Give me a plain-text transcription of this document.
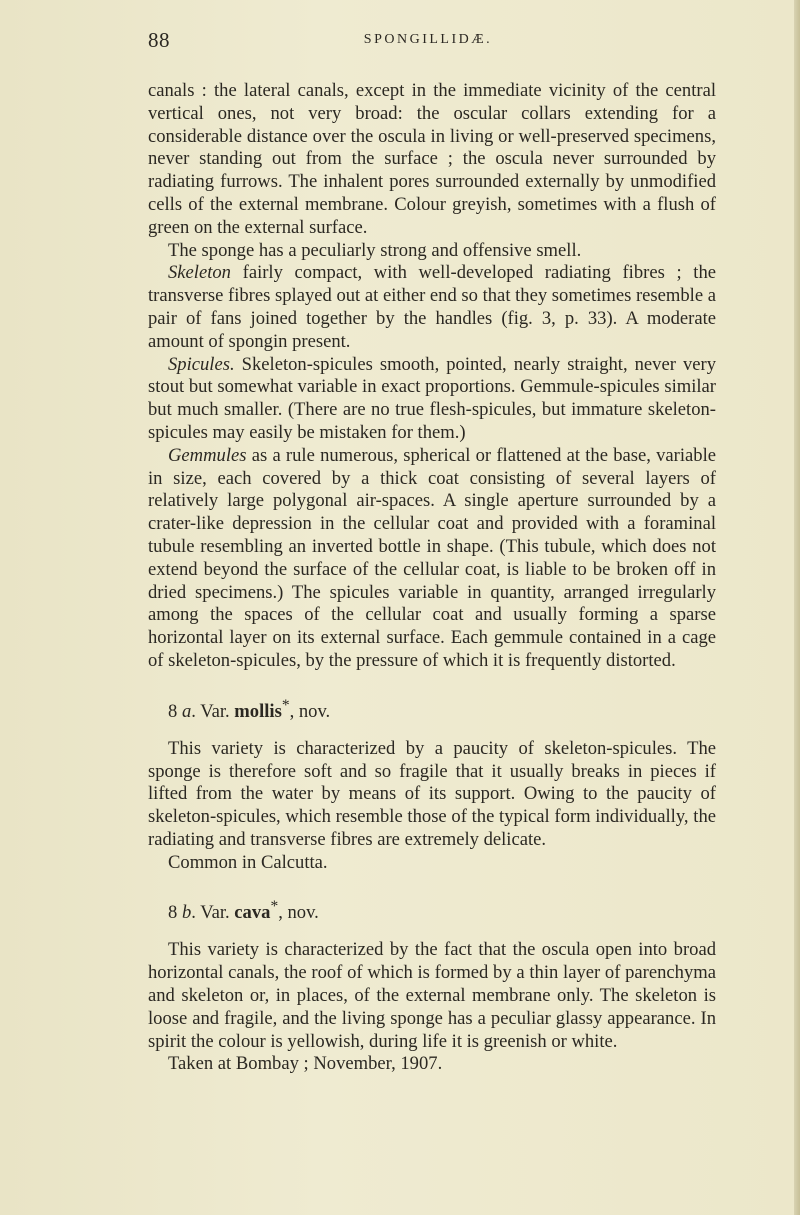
88	SPONGILLIDÆ.

canals : the lateral canals, except in the immediate vicinity of the central vertical ones, not very broad: the oscular collars extending for a considerable distance over the oscula in living or well-preserved specimens, never standing out from the surface ; the oscula never surrounded by radiating furrows. The inhalent pores surrounded externally by unmodified cells of the external membrane. Colour greyish, sometimes with a flush of green on the external surface.

The sponge has a peculiarly strong and offensive smell.

Skeleton fairly compact, with well-developed radiating fibres ; the transverse fibres splayed out at either end so that they sometimes resemble a pair of fans joined together by the handles (fig. 3, p. 33). A moderate amount of spongin present.

Spicules. Skeleton-spicules smooth, pointed, nearly straight, never very stout but somewhat variable in exact proportions. Gemmule-spicules similar but much smaller. (There are no true flesh-spicules, but immature skeleton-spicules may easily be mistaken for them.)

Gemmules as a rule numerous, spherical or flattened at the base, variable in size, each covered by a thick coat consisting of several layers of relatively large polygonal air-spaces. A single aperture surrounded by a crater-like depression in the cellular coat and provided with a foraminal tubule resembling an inverted bottle in shape. (This tubule, which does not extend beyond the surface of the cellular coat, is liable to be broken off in dried specimens.) The spicules variable in quantity, arranged irregularly among the spaces of the cellular coat and usually forming a sparse horizontal layer on its external surface. Each gemmule contained in a cage of skeleton-spicules, by the pressure of which it is frequently distorted.

8 a. Var. mollis*, nov.

This variety is characterized by a paucity of skeleton-spicules. The sponge is therefore soft and so fragile that it usually breaks in pieces if lifted from the water by means of its support. Owing to the paucity of skeleton-spicules, which resemble those of the typical form individually, the radiating and transverse fibres are extremely delicate.

Common in Calcutta.

8 b. Var. cava*, nov.

This variety is characterized by the fact that the oscula open into broad horizontal canals, the roof of which is formed by a thin layer of parenchyma and skeleton or, in places, of the external membrane only. The skeleton is loose and fragile, and the living sponge has a peculiar glassy appearance. In spirit the colour is yellowish, during life it is greenish or white.

Taken at Bombay ; November, 1907.
